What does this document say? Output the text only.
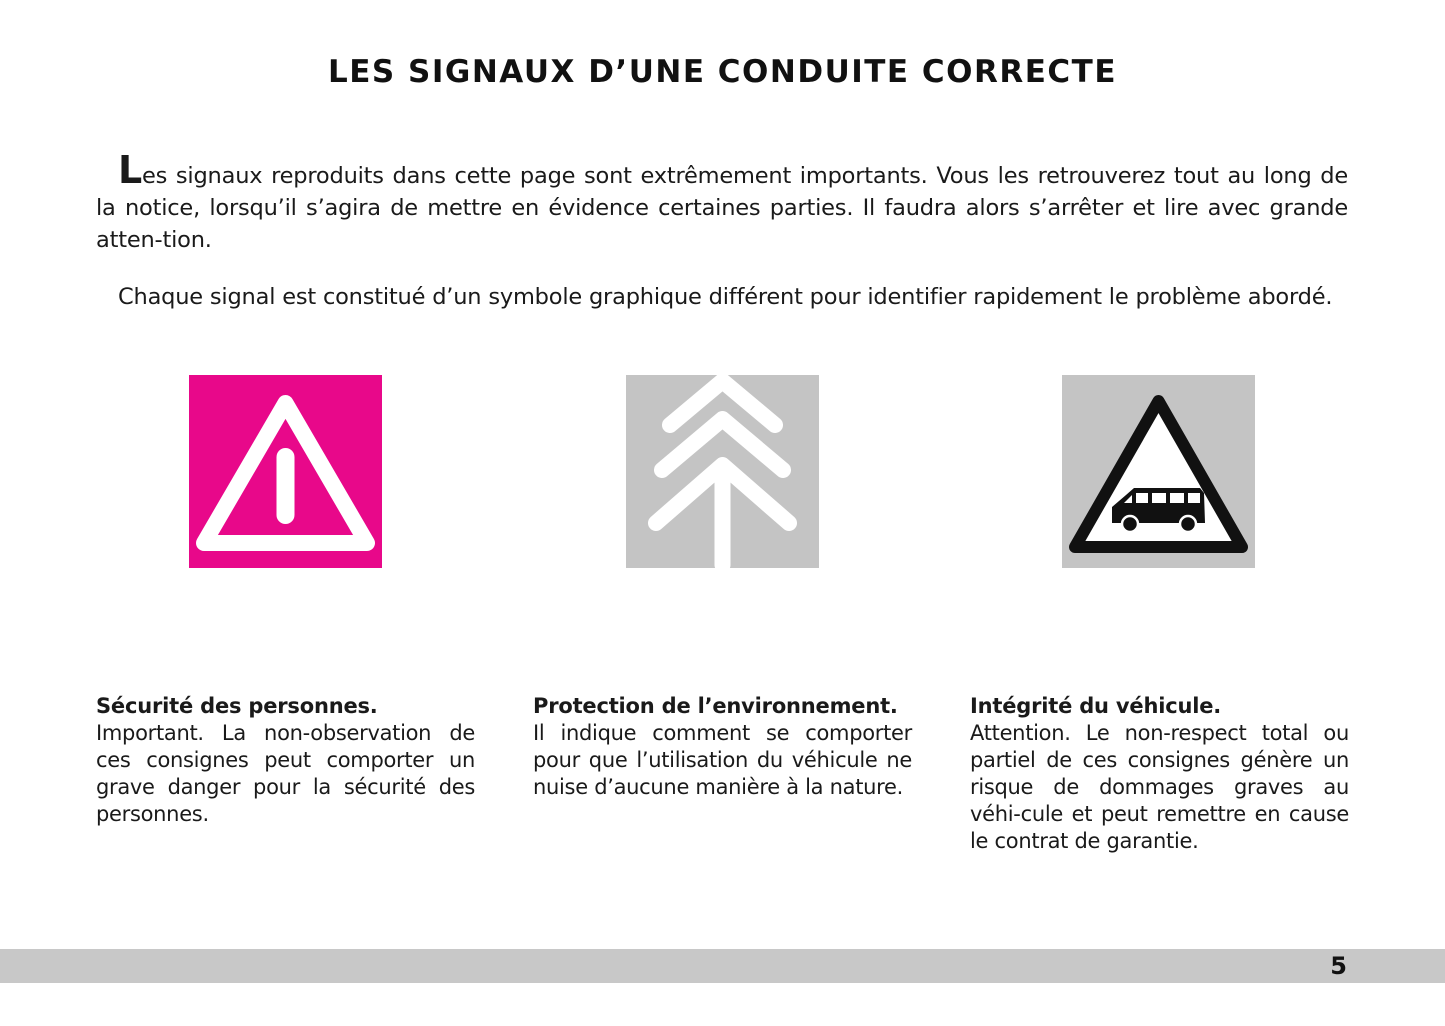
LES SIGNAUX D’UNE CONDUITE CORRECTE

Les signaux reproduits dans cette page sont extrêmement importants. Vous les retrouverez tout au long de la notice, lorsqu’il s’agira de mettre en évidence certaines parties. Il faudra alors s’arrêter et lire avec grande atten-tion.

Chaque signal est constitué d’un symbole graphique différent pour identifier rapidement le problème abordé.

Sécurité des personnes.
Important. La non-observation de ces consignes peut comporter un grave danger pour la sécurité des personnes.
Protection de l’environnement.
Il indique comment se comporter pour que l’utilisation du véhicule ne nuise d’aucune manière à la nature.
Intégrité du véhicule.
Attention. Le non-respect total ou partiel de ces consignes génère un risque de dommages graves au véhi-cule et peut remettre en cause le contrat de garantie.
5
